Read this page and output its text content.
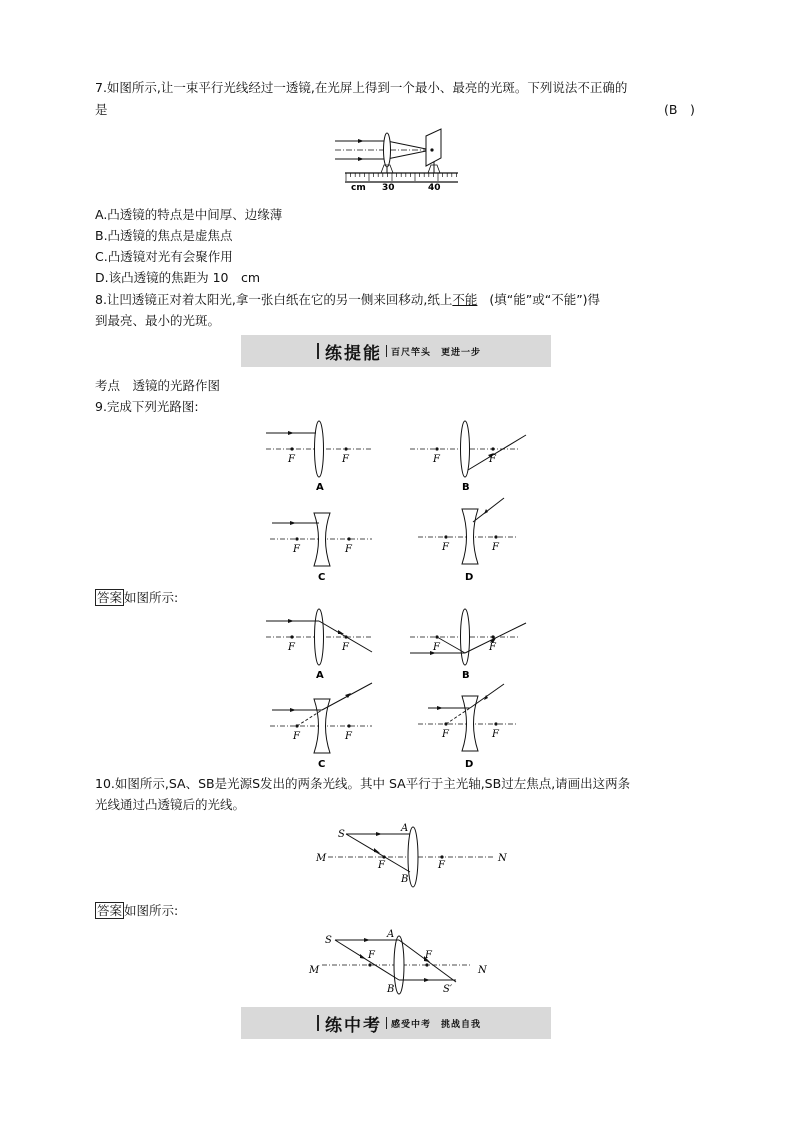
7.如图所示,让一束平行光线经过一透镜,在光屏上得到一个最小、最亮的光斑。下列说法不正确的
是	(B　)
cm 30	40
A.凸透镜的特点是中间厚、边缘薄
B.凸透镜的焦点是虚焦点
C.凸透镜对光有会聚作用
D.该凸透镜的焦距为 10　cm
8.让凹透镜正对着太阳光,拿一张白纸在它的另一侧来回移动,纸上不能 (填“能”或“不能”)得
到最亮、最小的光斑。
练提能 百尺竿头　更进一步
考点　透镜的光路作图
9.完成下列光路图:
F	F
A
F	F
B
F	F
C
F	F
D
答案 如图所示:
F	F
A
F	F
B
F	F
C
F	F
D
10.如图所示,SA、SB是光源S发出的两条光线。其中 SA平行于主光轴,SB过左焦点,请画出这两条
光线通过凸透镜后的光线。
S
A
B
M	N
F	F
答案 如图所示:
S
A
B
M	N
F	F
S′
练中考 感受中考　挑战自我
